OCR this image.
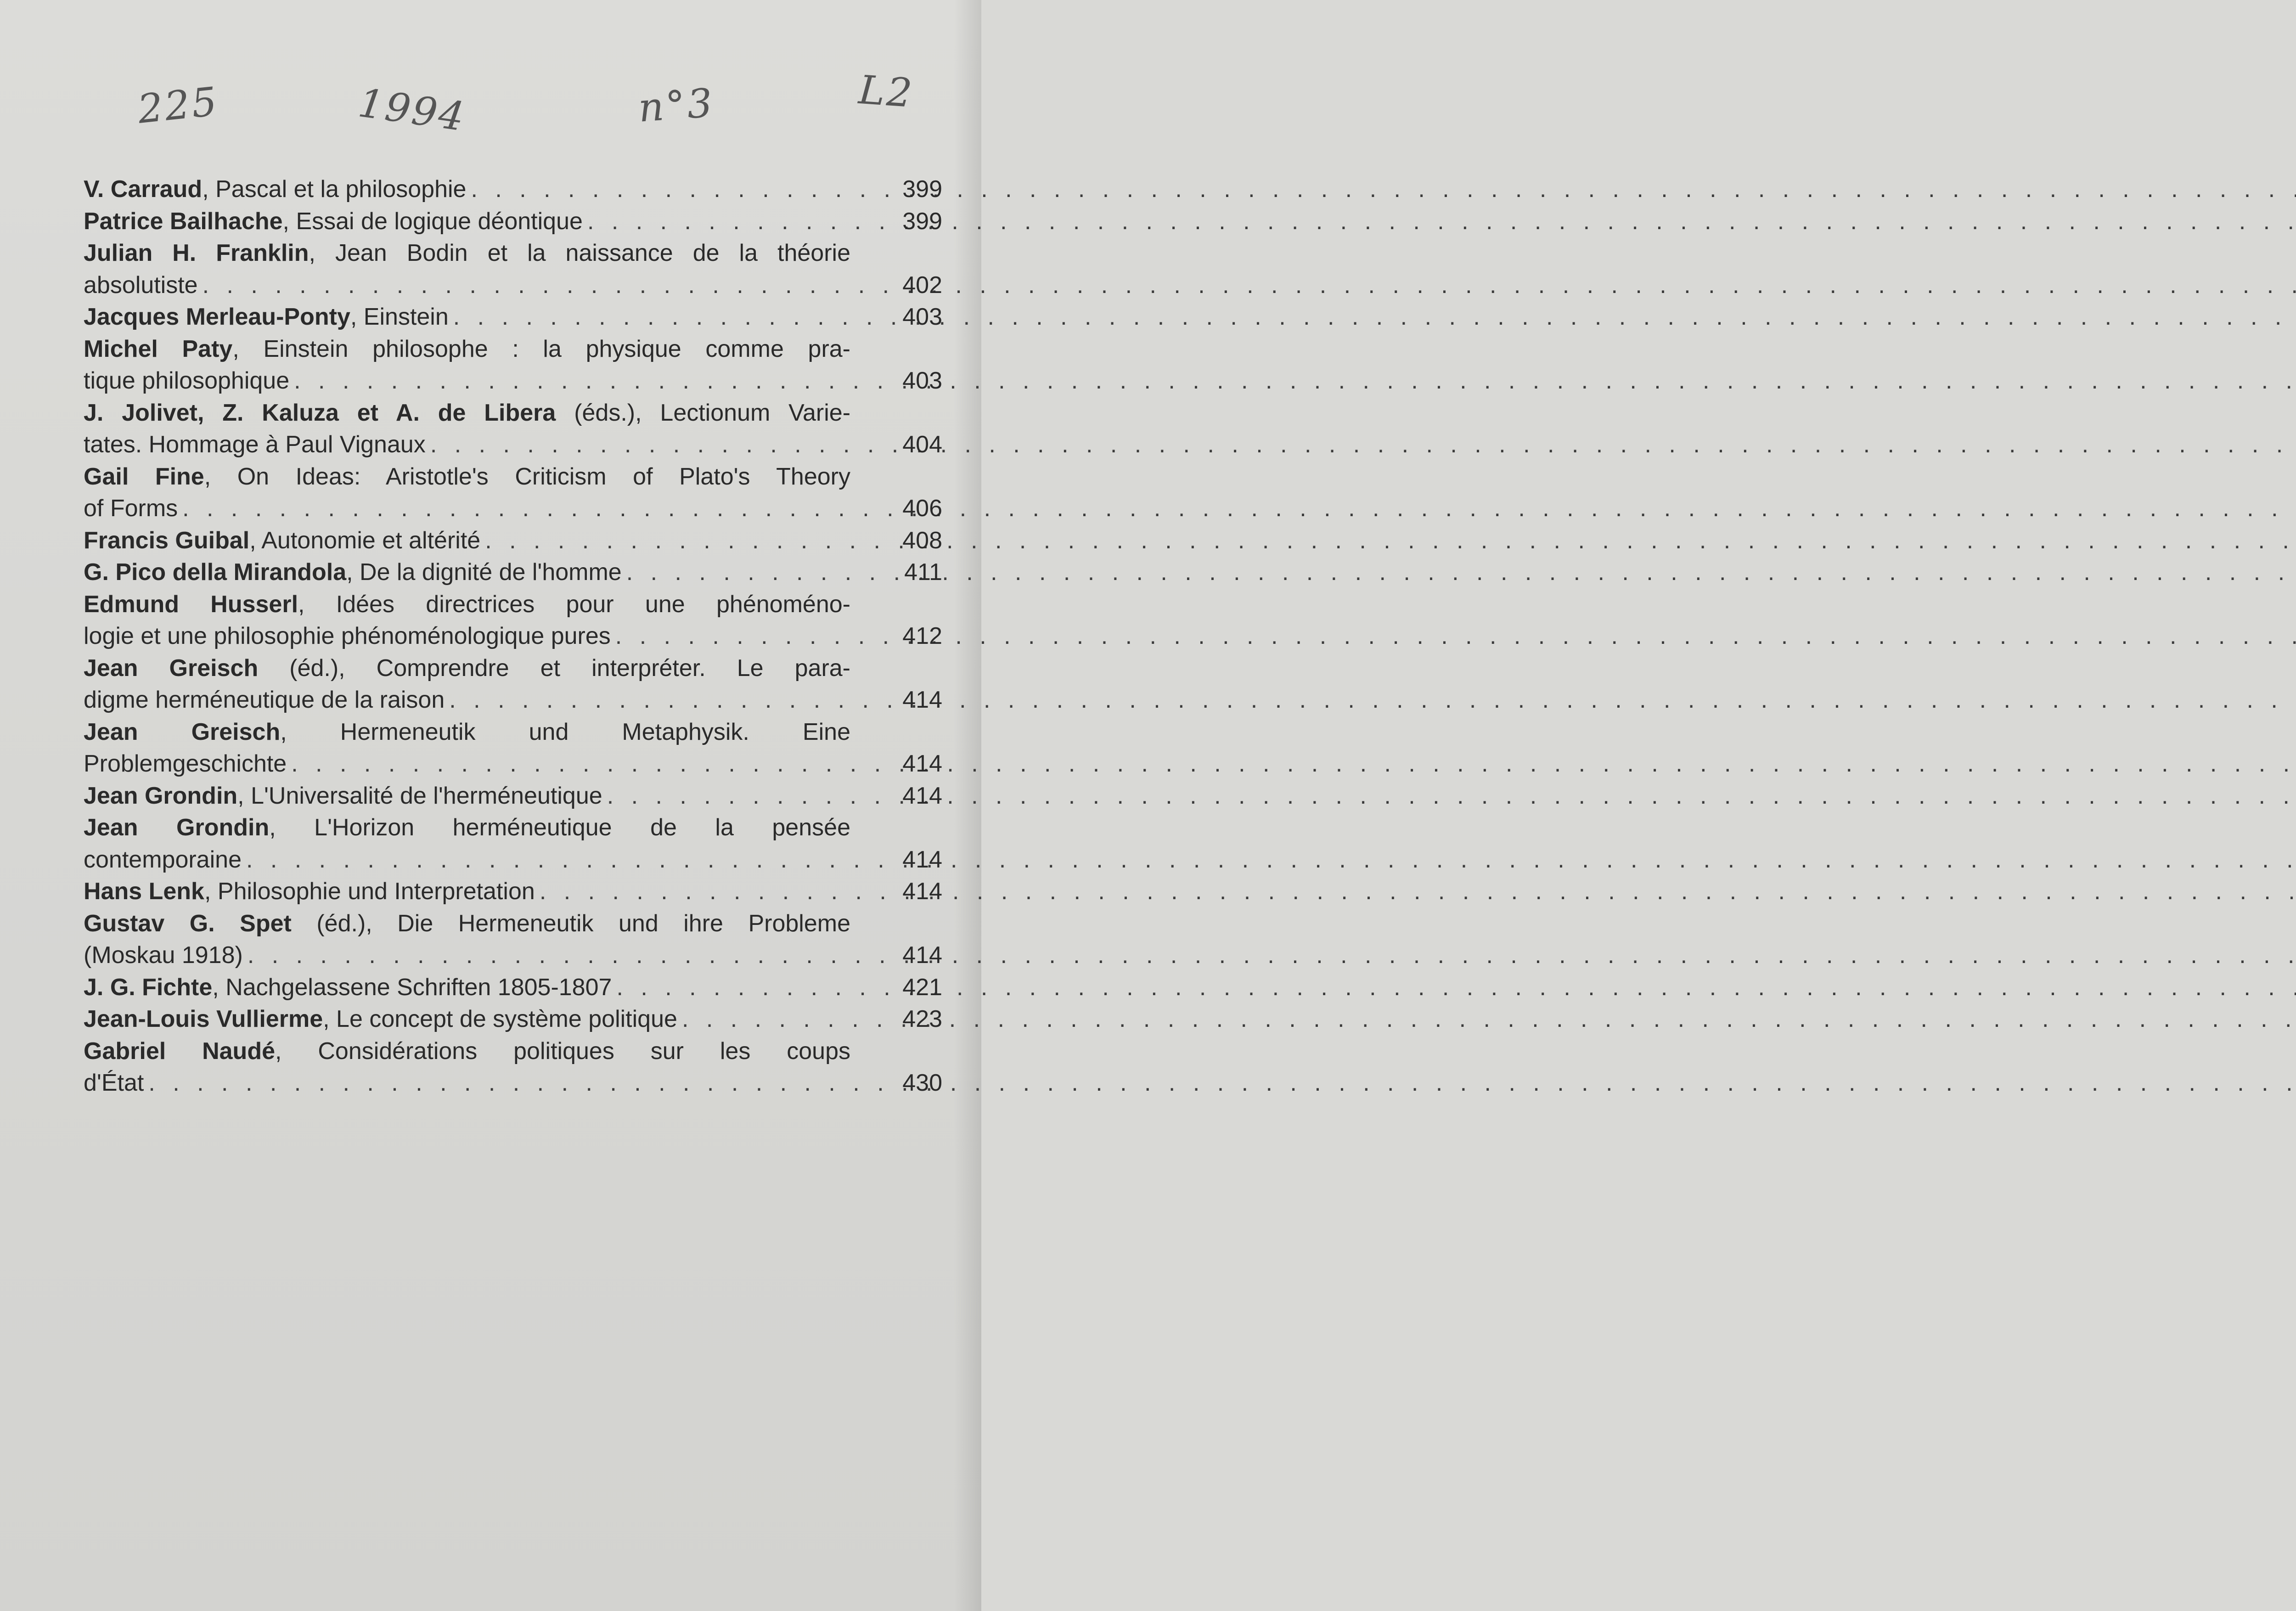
225	1994	n°3	L2
V. Carraud, Pascal et la philosophie . . .	399
Patrice Bailhache, Essai de logique déontique . . .	399
Julian H. Franklin, Jean Bodin et la naissance de la théorie
absolutiste . . .	402
Jacques Merleau-Ponty, Einstein . . .	403
Michel Paty, Einstein philosophe : la physique comme pra-
tique philosophique . . .	403
J. Jolivet, Z. Kaluza et A. de Libera (éds.), Lectionum Varie-
tates. Hommage à Paul Vignaux . . .	404
Gail Fine, On Ideas: Aristotle's Criticism of Plato's Theory
of Forms . . .	406
Francis Guibal, Autonomie et altérité . . .	408
G. Pico della Mirandola, De la dignité de l'homme . . .	411
Edmund Husserl, Idées directrices pour une phénoméno-
logie et une philosophie phénoménologique pures . . .	412
Jean Greisch (éd.), Comprendre et interpréter. Le para-
digme herméneutique de la raison . . .	414
Jean Greisch, Hermeneutik und Metaphysik. Eine
Problemgeschichte . . .	414
Jean Grondin, L'Universalité de l'herméneutique . . .	414
Jean Grondin, L'Horizon herméneutique de la pensée
contemporaine . . .	414
Hans Lenk, Philosophie und Interpretation . . .	414
Gustav G. Spet (éd.), Die Hermeneutik und ihre Probleme
(Moskau 1918) . . .	414
J. G. Fichte, Nachgelassene Schriften 1805-1807 . . .	421
Jean-Louis Vullierme, Le concept de système politique . . .	423
Gabriel Naudé, Considérations politiques sur les coups
d'État . . .	430
